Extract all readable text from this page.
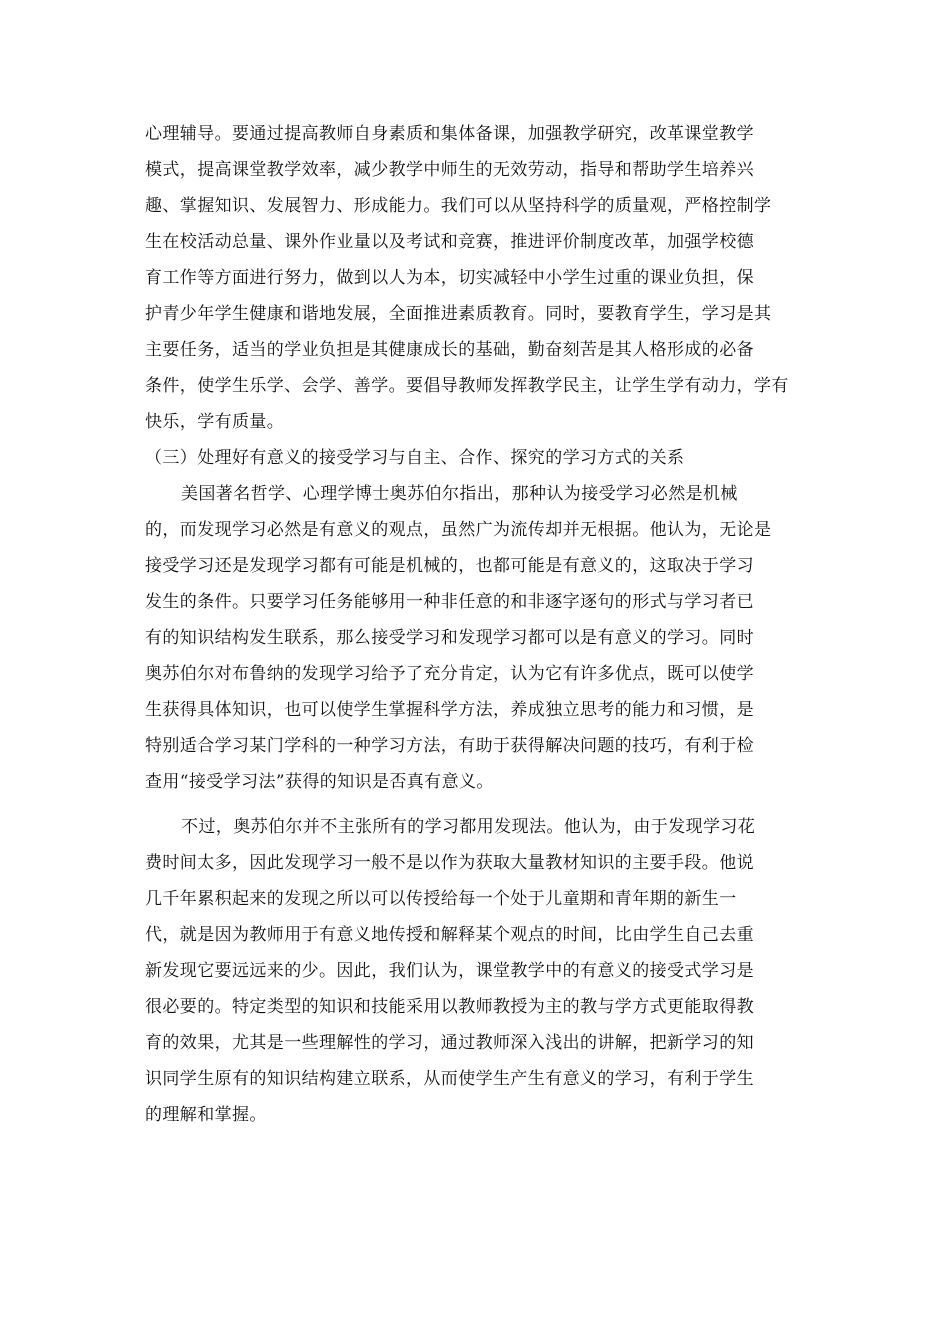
心理辅导。要通过提高教师自身素质和集体备课，加强教学研究，改革课堂教学
模式，提高课堂教学效率，减少教学中师生的无效劳动，指导和帮助学生培养兴
趣、掌握知识、发展智力、形成能力。我们可以从坚持科学的质量观，严格控制学
生在校活动总量、课外作业量以及考试和竞赛，推进评价制度改革，加强学校德
育工作等方面进行努力，做到以人为本，切实减轻中小学生过重的课业负担，保
护青少年学生健康和谐地发展，全面推进素质教育。同时，要教育学生，学习是其
主要任务，适当的学业负担是其健康成长的基础，勤奋刻苦是其人格形成的必备
条件，使学生乐学、会学、善学。要倡导教师发挥教学民主，让学生学有动力，学有
快乐，学有质量。
（三）处理好有意义的接受学习与自主、合作、探究的学习方式的关系
美国著名哲学、心理学博士奥苏伯尔指出，那种认为接受学习必然是机械
的，而发现学习必然是有意义的观点，虽然广为流传却并无根据。他认为，无论是
接受学习还是发现学习都有可能是机械的，也都可能是有意义的，这取决于学习
发生的条件。只要学习任务能够用一种非任意的和非逐字逐句的形式与学习者已
有的知识结构发生联系，那么接受学习和发现学习都可以是有意义的学习。同时
奥苏伯尔对布鲁纳的发现学习给予了充分肯定，认为它有许多优点，既可以使学
生获得具体知识，也可以使学生掌握科学方法，养成独立思考的能力和习惯，是
特别适合学习某门学科的一种学习方法，有助于获得解决问题的技巧，有利于检
查用“接受学习法”获得的知识是否真有意义。
不过，奥苏伯尔并不主张所有的学习都用发现法。他认为，由于发现学习花
费时间太多，因此发现学习一般不是以作为获取大量教材知识的主要手段。他说
几千年累积起来的发现之所以可以传授给每一个处于儿童期和青年期的新生一
代，就是因为教师用于有意义地传授和解释某个观点的时间，比由学生自己去重
新发现它要远远来的少。因此，我们认为，课堂教学中的有意义的接受式学习是
很必要的。特定类型的知识和技能采用以教师教授为主的教与学方式更能取得教
育的效果，尤其是一些理解性的学习，通过教师深入浅出的讲解，把新学习的知
识同学生原有的知识结构建立联系，从而使学生产生有意义的学习，有利于学生
的理解和掌握。
